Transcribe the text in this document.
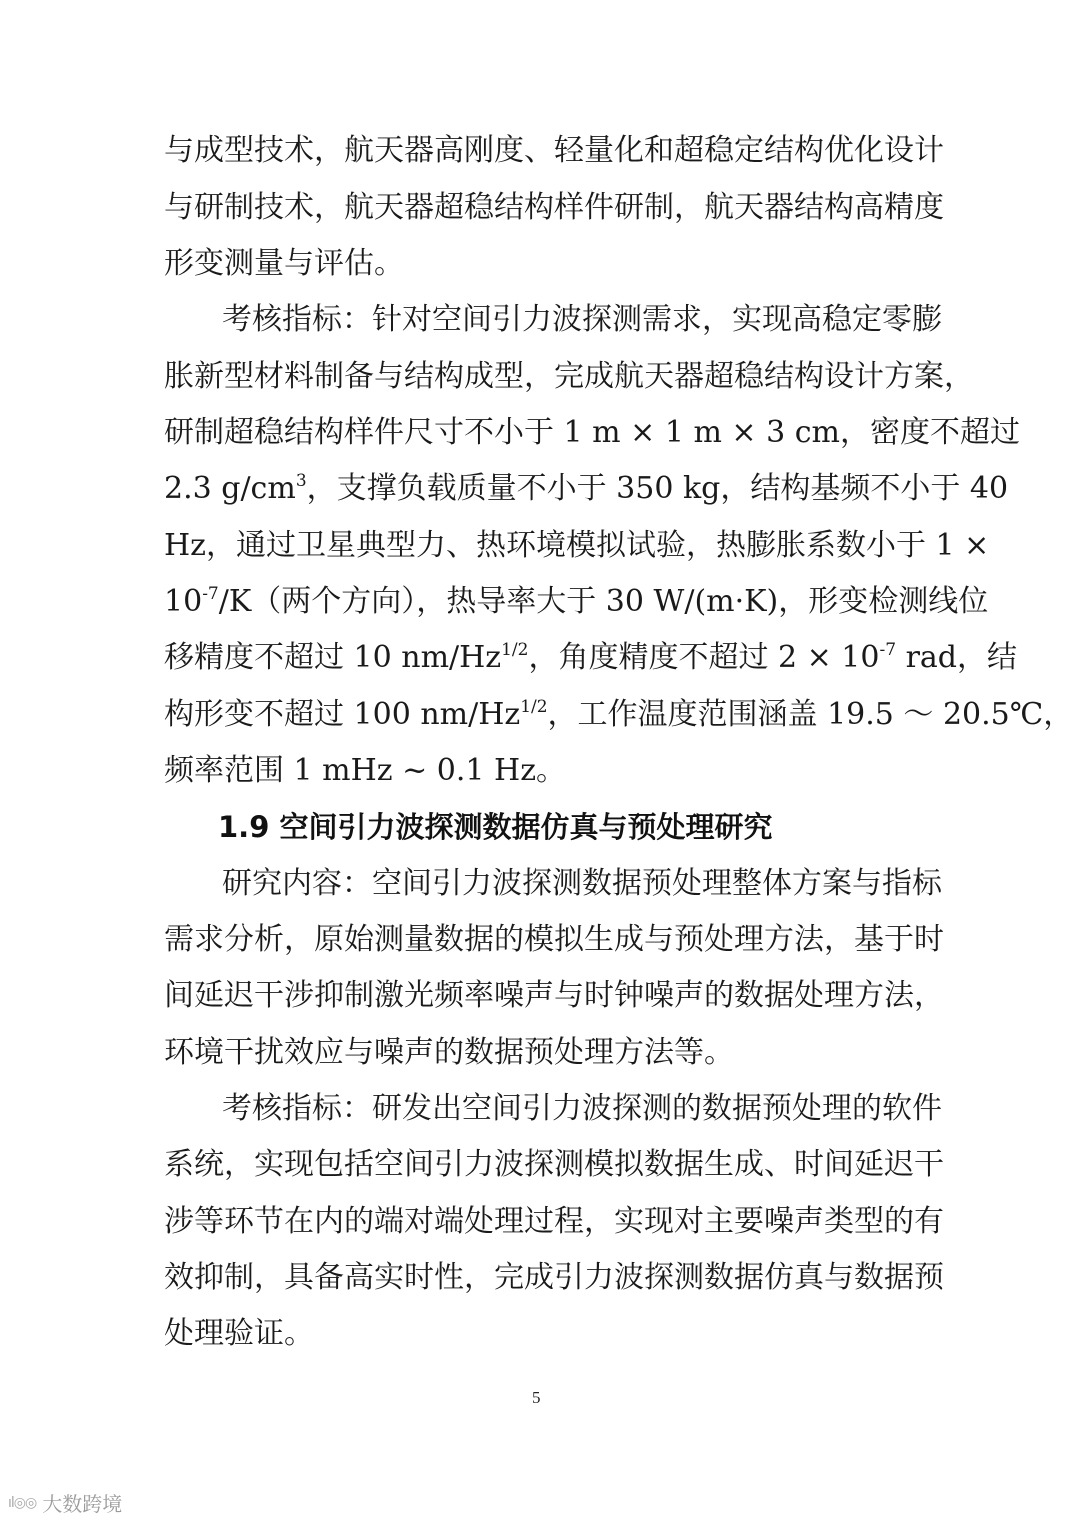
与成型技术，航天器高刚度、轻量化和超稳定结构优化设计
与研制技术，航天器超稳结构样件研制，航天器结构高精度
形变测量与评估。
考核指标：针对空间引力波探测需求，实现高稳定零膨
胀新型材料制备与结构成型，完成航天器超稳结构设计方案，
研制超稳结构样件尺寸不小于 1 m × 1 m × 3 cm，密度不超过
2.3 $g/cm^3$，支撑负载质量不小于 350 kg，结构基频不小于 40
Hz，通过卫星典型力、热环境模拟试验，热膨胀系数小于 1 ×
$10^{-7}/K$（两个方向），热导率大于 30 W/(m·K)，形变检测线位
移精度不超过 10 $nm/Hz^{1/2}$，角度精度不超过 $2 \times 10^{-7}$ rad，结
构形变不超过 100 $nm/Hz^{1/2}$，工作温度范围涵盖 19.5 ～ 20.5℃，
频率范围 1 mHz ~ 0.1 Hz。
1.9 空间引力波探测数据仿真与预处理研究
研究内容：空间引力波探测数据预处理整体方案与指标
需求分析，原始测量数据的模拟生成与预处理方法，基于时
间延迟干涉抑制激光频率噪声与时钟噪声的数据处理方法，
环境干扰效应与噪声的数据预处理方法等。
考核指标：研发出空间引力波探测的数据预处理的软件
系统，实现包括空间引力波探测模拟数据生成、时间延迟干
涉等环节在内的端对端处理过程，实现对主要噪声类型的有
效抑制，具备高实时性，完成引力波探测数据仿真与数据预
处理验证。
5
ıl◎◎ 大数跨境
